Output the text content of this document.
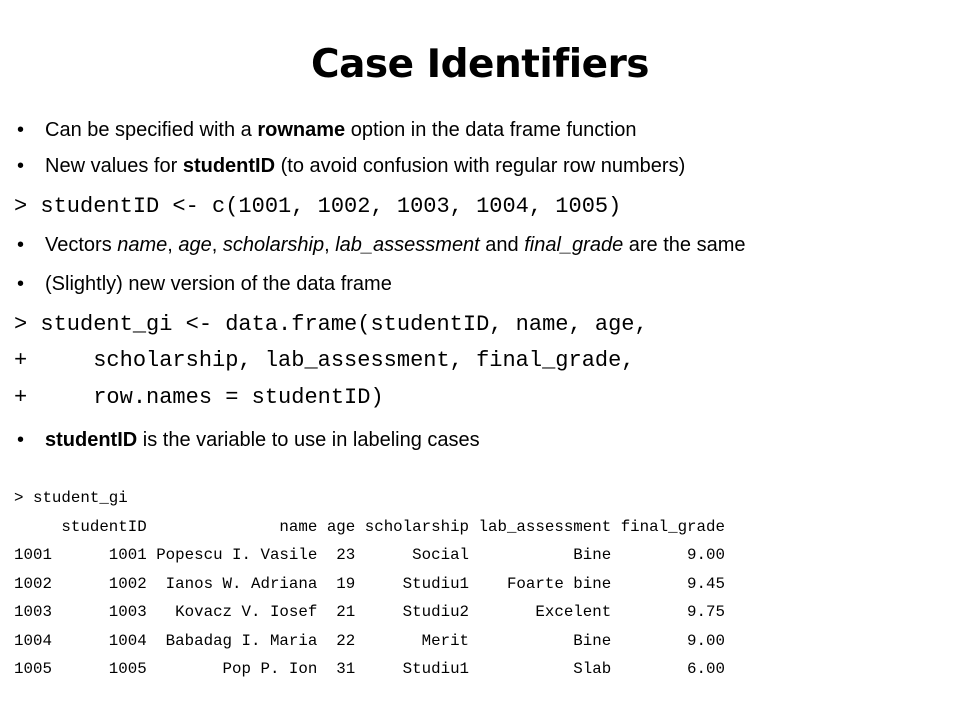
Case Identifiers
• Can be specified with a rowname option in the data frame function
• New values for studentID (to avoid confusion with regular row numbers)
> studentID <- c(1001, 1002, 1003, 1004, 1005)
• Vectors name, age, scholarship, lab_assessment and final_grade are the same
• (Slightly) new version of the data frame
> student_gi <- data.frame(studentID, name, age,
+     scholarship, lab_assessment, final_grade,
+     row.names = studentID)
• studentID is the variable to use in labeling cases
> student_gi
studentID              name age scholarship lab_assessment final_grade
1001      1001 Popescu I. Vasile  23      Social           Bine        9.00
1002      1002  Ianos W. Adriana  19     Studiu1    Foarte bine        9.45
1003      1003   Kovacz V. Iosef  21     Studiu2       Excelent        9.75
1004      1004  Babadag I. Maria  22       Merit           Bine        9.00
1005      1005        Pop P. Ion  31     Studiu1           Slab        6.00
